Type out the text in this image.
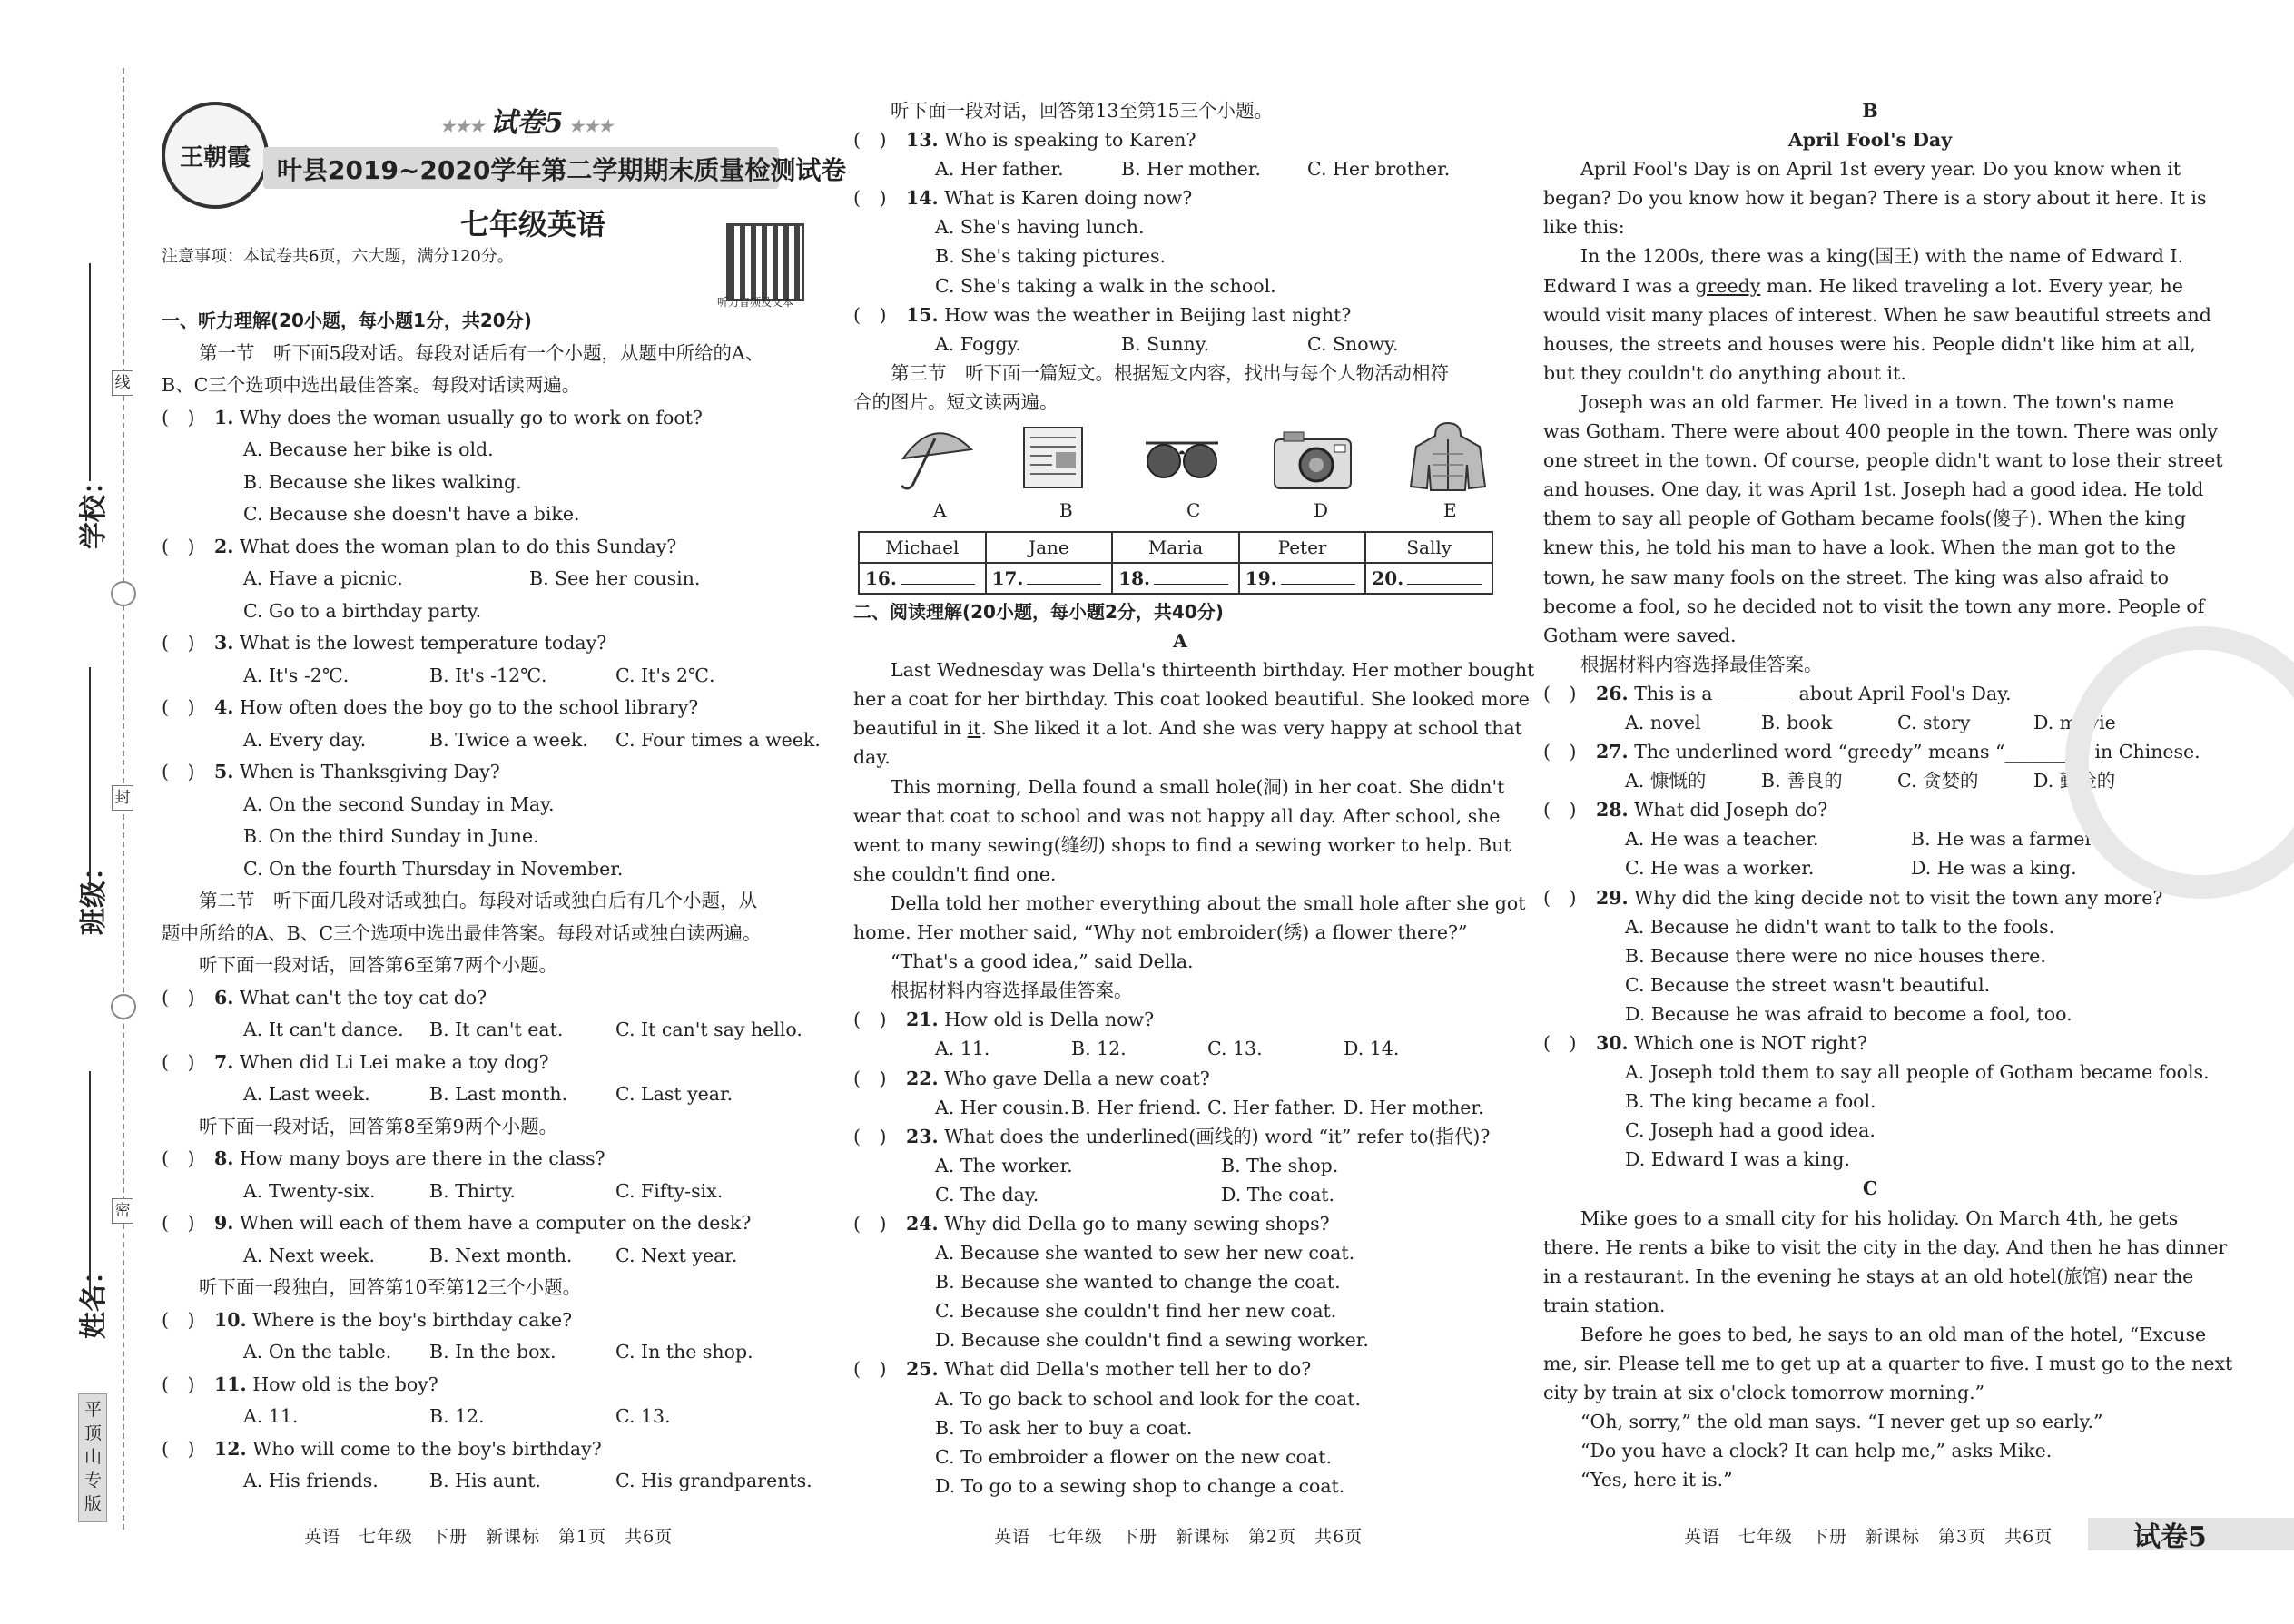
学校：
班级：
姓名：
线
封
密
平顶山专版
王朝霞
★★★ 试卷5 ★★★
叶县2019~2020学年第二学期期末质量检测试卷
七年级英语
注意事项：本试卷共6页，六大题，满分120分。
听力音频及文本
一、听力理解(20小题，每小题1分，共20分)
第一节　听下面5段对话。每段对话后有一个小题，从题中所给的A、
B、C三个选项中选出最佳答案。每段对话读两遍。
(　) 1. Why does the woman usually go to work on foot?
A. Because her bike is old.
B. Because she likes walking.
C. Because she doesn't have a bike.
(　) 2. What does the woman plan to do this Sunday?
A. Have a picnic.	B. See her cousin.
C. Go to a birthday party.
(　) 3. What is the lowest temperature today?
A. It's -2℃.	B. It's -12℃.	C. It's 2℃.
(　) 4. How often does the boy go to the school library?
A. Every day.	B. Twice a week.	C. Four times a week.
(　) 5. When is Thanksgiving Day?
A. On the second Sunday in May.
B. On the third Sunday in June.
C. On the fourth Thursday in November.
第二节　听下面几段对话或独白。每段对话或独白后有几个小题，从
题中所给的A、B、C三个选项中选出最佳答案。每段对话或独白读两遍。
听下面一段对话，回答第6至第7两个小题。
(　) 6. What can't the toy cat do?
A. It can't dance.	B. It can't eat.	C. It can't say hello.
(　) 7. When did Li Lei make a toy dog?
A. Last week.	B. Last month.	C. Last year.
听下面一段对话，回答第8至第9两个小题。
(　) 8. How many boys are there in the class?
A. Twenty-six.	B. Thirty.	C. Fifty-six.
(　) 9. When will each of them have a computer on the desk?
A. Next week.	B. Next month.	C. Next year.
听下面一段独白，回答第10至第12三个小题。
(　) 10. Where is the boy's birthday cake?
A. On the table.	B. In the box.	C. In the shop.
(　) 11. How old is the boy?
A. 11.	B. 12.	C. 13.
(　) 12. Who will come to the boy's birthday?
A. His friends.	B. His aunt.	C. His grandparents.
听下面一段对话，回答第13至第15三个小题。
(　) 13. Who is speaking to Karen?
A. Her father.	B. Her mother.	C. Her brother.
(　) 14. What is Karen doing now?
A. She's having lunch.
B. She's taking pictures.
C. She's taking a walk in the school.
(　) 15. How was the weather in Beijing last night?
A. Foggy.	B. Sunny.	C. Snowy.
第三节　听下面一篇短文。根据短文内容，找出与每个人物活动相符
合的图片。短文读两遍。
A	B	C	D	E
Michael	Jane	Maria	Peter	Sally
16.	17.	18.	19.	20.
二、阅读理解(20小题，每小题2分，共40分)
A
Last Wednesday was Della's thirteenth birthday. Her mother bought
her a coat for her birthday. This coat looked beautiful. She looked more
beautiful in it. She liked it a lot. And she was very happy at school that
day.
This morning, Della found a small hole(洞) in her coat. She didn't
wear that coat to school and was not happy all day. After school, she
went to many sewing(缝纫) shops to find a sewing worker to help. But
she couldn't find one.
Della told her mother everything about the small hole after she got
home. Her mother said, “Why not embroider(绣) a flower there?”
“That's a good idea,” said Della.
根据材料内容选择最佳答案。
(　) 21. How old is Della now?
A. 11.	B. 12.	C. 13.	D. 14.
(　) 22. Who gave Della a new coat?
A. Her cousin. B. Her friend. C. Her father. D. Her mother.
(　) 23. What does the underlined(画线的) word “it” refer to(指代)?
A. The worker.	B. The shop.
C. The day.	D. The coat.
(　) 24. Why did Della go to many sewing shops?
A. Because she wanted to sew her new coat.
B. Because she wanted to change the coat.
C. Because she couldn't find her new coat.
D. Because she couldn't find a sewing worker.
(　) 25. What did Della's mother tell her to do?
A. To go back to school and look for the coat.
B. To ask her to buy a coat.
C. To embroider a flower on the new coat.
D. To go to a sewing shop to change a coat.
B
April Fool's Day
April Fool's Day is on April 1st every year. Do you know when it
began? Do you know how it began? There is a story about it here. It is
like this:
In the 1200s, there was a king(国王) with the name of Edward Ⅰ.
Edward Ⅰ was a greedy man. He liked traveling a lot. Every year, he
would visit many places of interest. When he saw beautiful streets and
houses, the streets and houses were his. People didn't like him at all,
but they couldn't do anything about it.
Joseph was an old farmer. He lived in a town. The town's name
was Gotham. There were about 400 people in the town. There was only
one street in the town. Of course, people didn't want to lose their street
and houses. One day, it was April 1st. Joseph had a good idea. He told
them to say all people of Gotham became fools(傻子). When the king
knew this, he told his man to have a look. When the man got to the
town, he saw many fools on the street. The king was also afraid to
become a fool, so he decided not to visit the town any more. People of
Gotham were saved.
根据材料内容选择最佳答案。
(　) 26. This is a ________ about April Fool's Day.
A. novel	B. book	C. story	D. movie
(　) 27. The underlined word “greedy” means “________” in Chinese.
A. 慷慨的	B. 善良的	C. 贪婪的	D. 勤俭的
(　) 28. What did Joseph do?
A. He was a teacher.	B. He was a farmer.
C. He was a worker.	D. He was a king.
(　) 29. Why did the king decide not to visit the town any more?
A. Because he didn't want to talk to the fools.
B. Because there were no nice houses there.
C. Because the street wasn't beautiful.
D. Because he was afraid to become a fool, too.
(　) 30. Which one is NOT right?
A. Joseph told them to say all people of Gotham became fools.
B. The king became a fool.
C. Joseph had a good idea.
D. Edward Ⅰ was a king.
C
Mike goes to a small city for his holiday. On March 4th, he gets
there. He rents a bike to visit the city in the day. And then he has dinner
in a restaurant. In the evening he stays at an old hotel(旅馆) near the
train station.
Before he goes to bed, he says to an old man of the hotel, “Excuse
me, sir. Please tell me to get up at a quarter to five. I must go to the next
city by train at six o'clock tomorrow morning.”
“Oh, sorry,” the old man says. “I never get up so early.”
“Do you have a clock? It can help me,” asks Mike.
“Yes, here it is.”
英语　七年级　下册　新课标　第1页　共6页	英语　七年级　下册　新课标　第2页　共6页	英语　七年级　下册　新课标　第3页　共6页	试卷5
